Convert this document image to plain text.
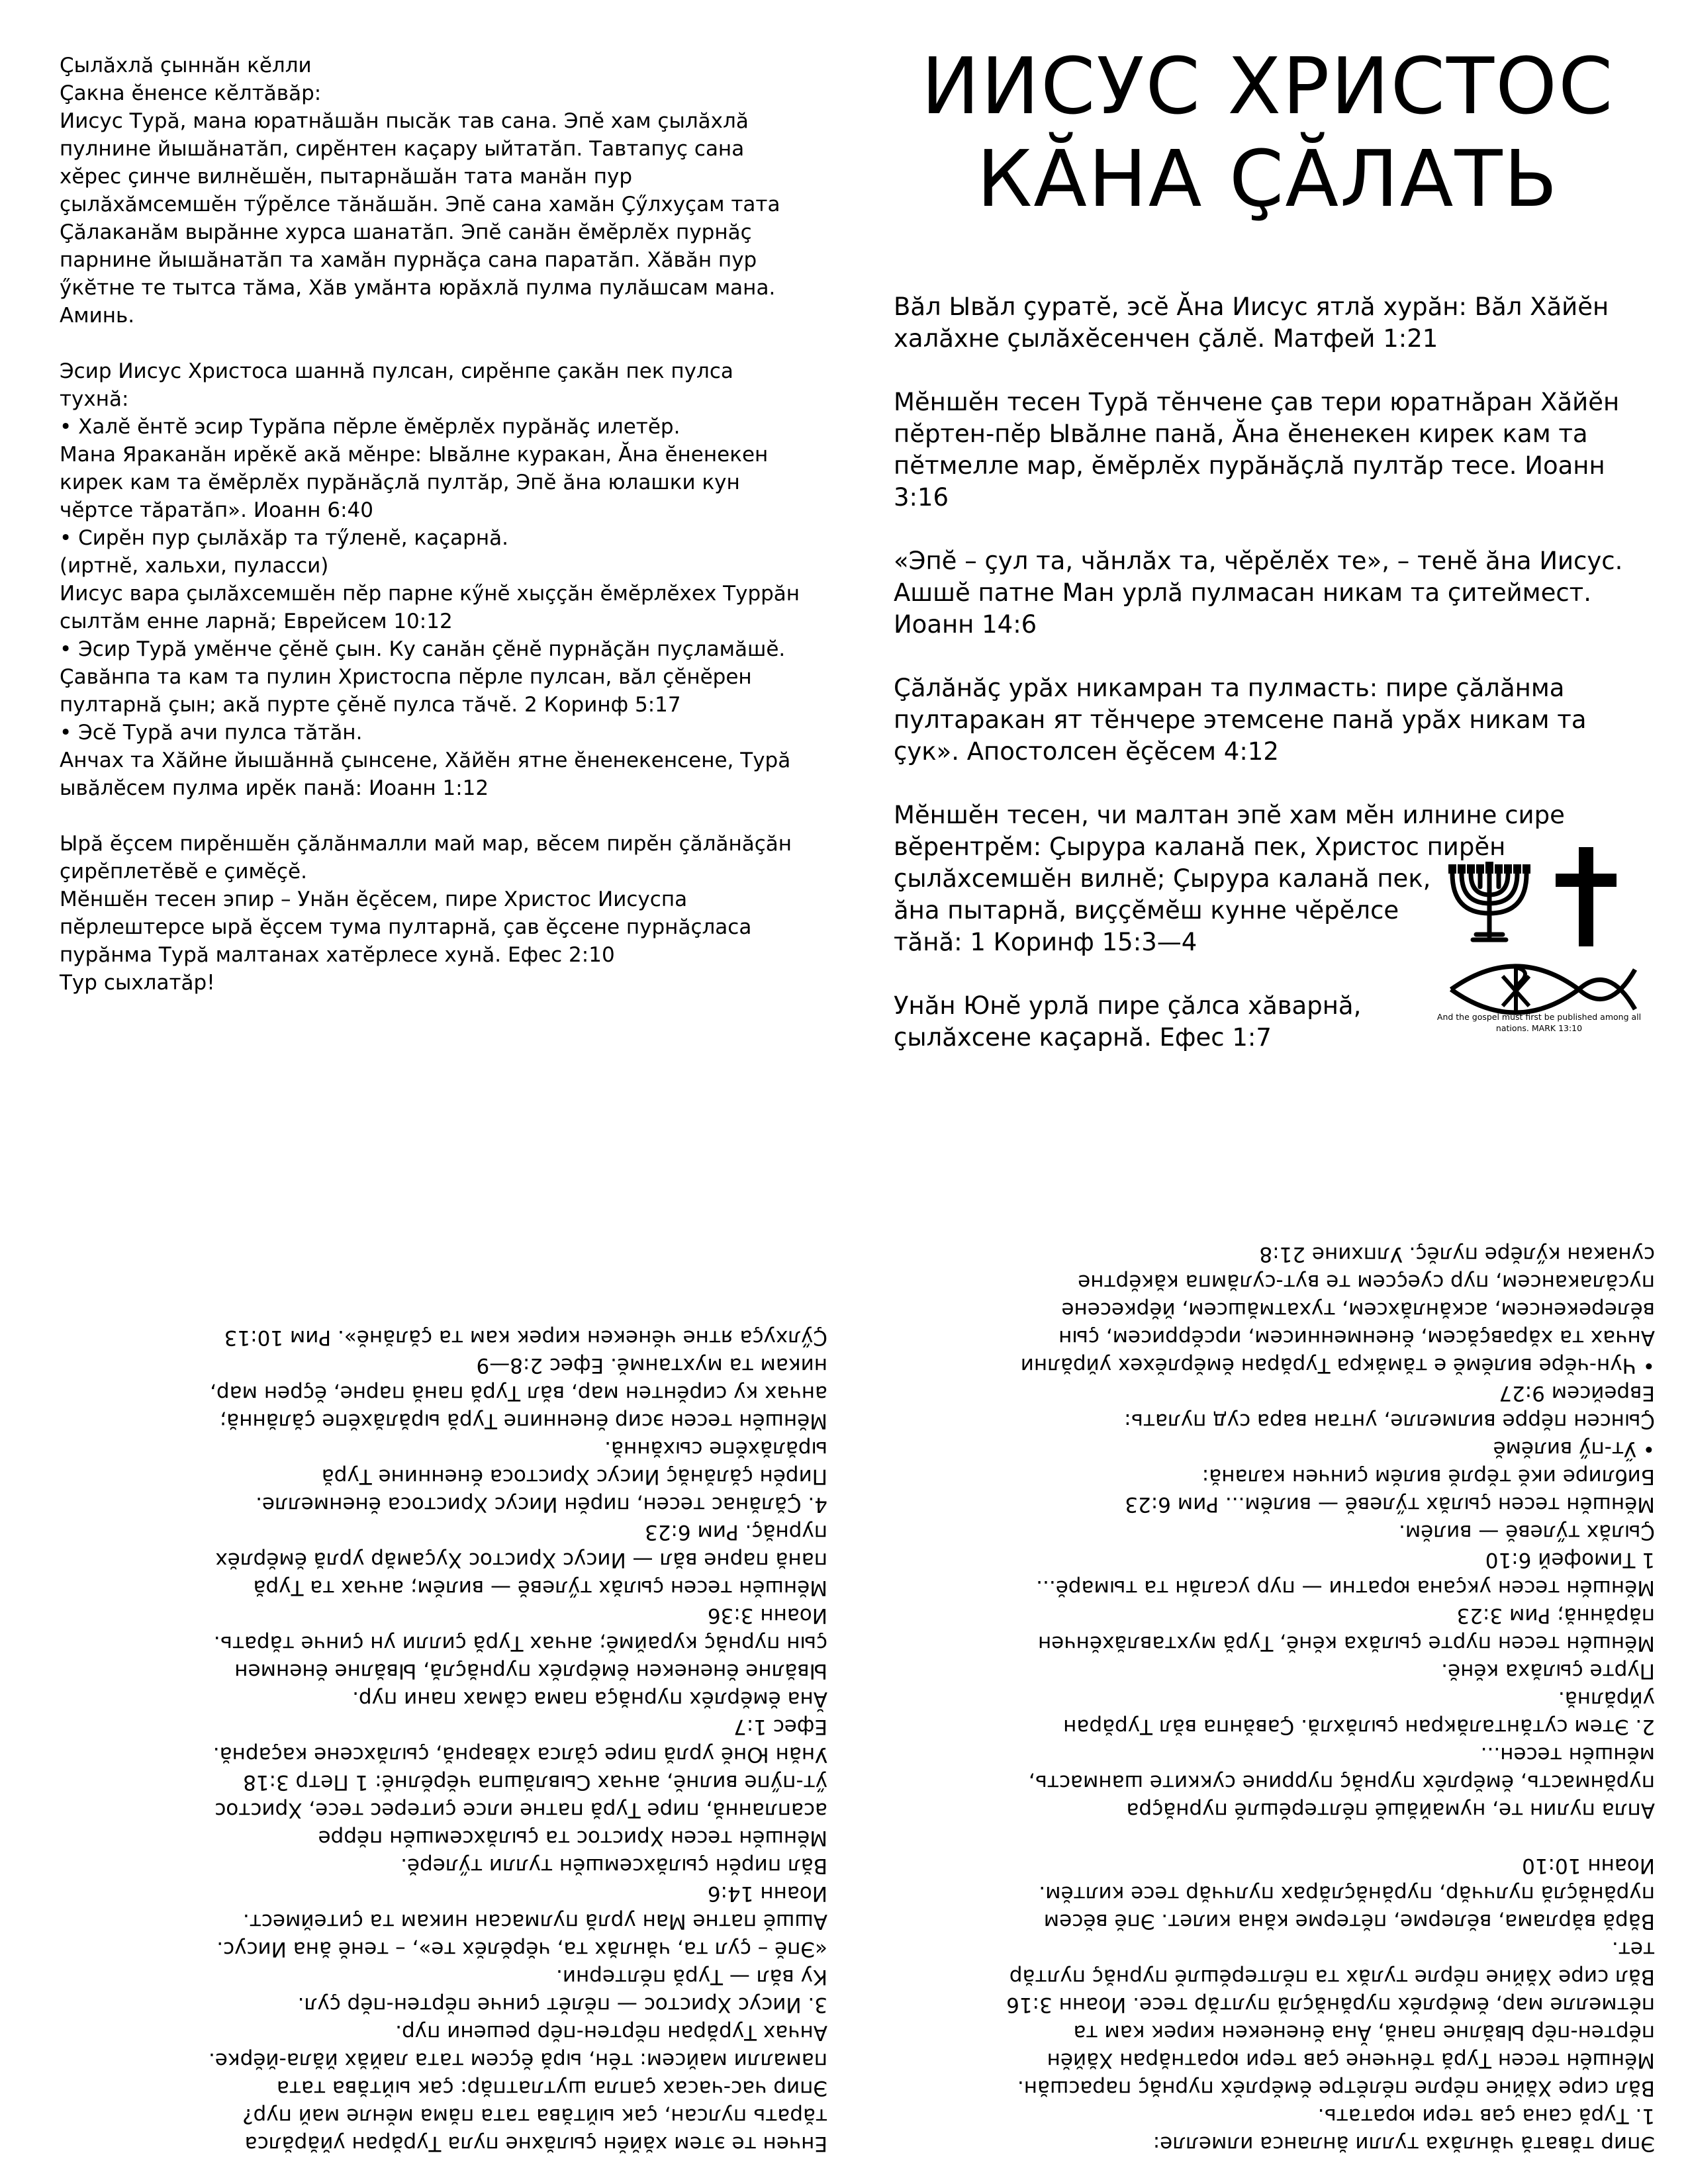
Çылăхлă çыннăн кĕлли
Çакна ĕненсе кĕлтăвăр:
Иисус Турă, мана юратнăшăн пысăк тав сана. Эпĕ хам çылăхлă пулнине йышăнатăп, сирĕнтен каçару ыйтатăп. Тавтапуç сана хĕрес çинче вилнĕшĕн, пытарнăшăн тата манăн пур çылăхăмсемшĕн тӳрĕлсе тăнăшăн. Эпĕ сана хамăн Çӳлхуçам тата Çăлаканăм вырăнне хурса шанатăп. Эпĕ санăн ĕмĕрлĕх пурнăç парнине йышăнатăп та хамăн пурнăçа сана паратăп. Хăвăн пур ӳкĕтне те тытса тăма, Хăв умăнта юрăхлă пулма пулăшсам мана. Аминь.

Эсир Иисус Христоса шаннă пулсан, сирĕнпе çакăн пек пулса тухнă:
• Халĕ ĕнтĕ эсир Турăпа пĕрле ĕмĕрлĕх пурăнăç илетĕр.
Мана Яраканăн ирĕкĕ акă мĕнре: Ывăлне куракан, Ăна ĕненекен кирек кам та ĕмĕрлĕх пурăнăçлă пултăр, Эпĕ ăна юлашки кун чĕртсе тăратăп». Иоанн 6:40
• Сирĕн пур çылăхăр та тӳленĕ, каçарнă.
(иртнĕ, хальхи, пуласси)
Иисус вара çылăхсемшĕн пĕр парне кӳнĕ хыççăн ĕмĕрлĕхех Туррăн сылтăм енне ларнă; Еврейсем 10:12
• Эсир Турă умĕнче çĕнĕ çын. Ку санăн çĕнĕ пурнăçăн пуçламăшĕ.
Çавăнпа та кам та пулин Христоспа пĕрле пулсан, вăл çĕнĕрен пултарнă çын; акă пурте çĕнĕ пулса тăчĕ. 2 Коринф 5:17
• Эсĕ Турă ачи пулса тăтăн.
Анчах та Хăйне йышăннă çынсене, Хăйĕн ятне ĕненекенсене, Турă ывăлĕсем пулма ирĕк панă: Иоанн 1:12

Ырă ĕçсем пирĕншĕн çăлăнмалли май мар, вĕсем пирĕн çăлăнăçăн çирĕплетĕвĕ е çимĕçĕ.
Мĕншĕн тесен эпир – Унăн ĕçĕсем, пире Христос Иисуспа пĕрлештерсе ырă ĕçсем тума пултарнă, çав ĕçсене пурнăçласа пурăнма Турă малтанах хатĕрлесе хунă. Ефес 2:10
Тур сыхлатăр!

ИИСУС ХРИСТОС
КĂНА ÇĂЛАТЬ

Вăл Ывăл çуратĕ, эсĕ Ăна Иисус ятлă хурăн: Вăл Хăйĕн халăхне çылăхĕсенчен çăлĕ. Матфей 1:21

Мĕншĕн тесен Турă тĕнчене çав тери юратнăран Хăйĕн пĕртен-пĕр Ывăлне панă, Ăна ĕненекен кирек кам та пĕтмелле мар, ĕмĕрлĕх пурăнăçлă пултăр тесе. Иоанн 3:16

«Эпĕ – çул та, чăнлăх та, чĕрĕлĕх те», – тенĕ ăна Иисус. Ашшĕ патне Ман урлă пулмасан никам та çитеймест. Иоанн 14:6

Çăлăнăç урăх никамран та пулмасть: пире çăлăнма пултаракан ят тĕнчере этемсене панă урăх никам та çук». Апостолсен ĕçĕсем 4:12

Мĕншĕн тесен, чи малтан эпĕ хам мĕн илнине сире
вĕрентрĕм: Çырура каланă пек, Христос пирĕн
çылăхсемшĕн вилнĕ; Çырура каланă пек,
ăна пытарнă, виççĕмĕш кунне чĕрĕлсе
тăнă: 1 Коринф 15:3—4

Унăн Юнĕ урлă пире çăлса хăварнă, çылăхсене каçарнă. Ефес 1:7

And the gospel must first be published among all nations. MARK 13:10
Енчен те этем хăйĕн çылăхне пула Турăран уйăрăлса
тăрать пулсан, çак ыйтăва тата пăма мĕнле май пур?
Эпир час-часах çапла шутлатпăр: çак ыйтăва тата
памалли майсем: тĕн, ырă ĕçсем тата лайăх йăла-йĕрке.
Анчах Турăран пĕртен-пĕр решени пур.
3. Иисус Христос — пĕлĕт çинче пĕртен-пĕр çул.
Ку вăл — Турă пĕлтерни.
«Эпĕ – çул та, чăнлăх та, чĕрĕлĕх те», – тенĕ ăна Иисус.
Ашшĕ патне Ман урлă пулмасан никам та çитеймест.
Иоанн 14:6
Вăл пирĕн çылăхсемшĕн тулли тӳлерĕ.
Мĕншĕн тесен Христос та çылăхсемшĕн пĕрре
асапланнă, пире Турă патне илсе çитерес тесе, Христос
ӳт-пӳпе вилнĕ, анчах Сывлăшпа чĕрĕлнĕ: 1 Петр 3:18
Унăн Юнĕ урлă пире çăлса хăварнă, çылăхсене каçарнă.
Ефес 1:7
Ăна ĕмĕрлĕх пурнăçа пама сăмах пани пур.
Ывăлне ĕненекен ĕмĕрлĕх пурнăçлă, Ывăлне ĕненмен
çын пурнăç кураймĕ; анчах Турă çилли ун çинче тăрать.
Иоанн 3:36
Мĕншĕн тесен çылăх тӳлевĕ — вилĕм; анчах та Турă
панă парне вăл — Иисус Христос Хуçамăр урлă ĕмĕрлĕх
пурнăç. Рим 6:23
4. Çăлăнас тесен, пирĕн Иисус Христоса ĕненмелле.
Пирĕн çăлăнăç Иисус Христоса ĕненнине Турă
ырăлăхĕпе сыхăннă.
Мĕншĕн тесен эсир ĕненнипе Турă ырăлăхĕпе çăлăннă;
анчах ку сирĕнтен мар, вăл Турă панă парне, ĕçрен мар,
никам та мухтанмĕ. Ефес 2:8—9
Çӳлхуçа ятне чĕнекен кирек кам та çăлăнĕ». Рим 10:13
Эпир тăватă чăнлăха тулли ăнланса илмелле:
1. Турă сана çав тери юратать.
Вăл сире Хăйне пĕрле пĕлĕтре ĕмĕрлĕх пурнăç парасшăн.
Мĕншĕн тесен Турă тĕнчене çав тери юратнăран Хăйĕн
пĕртен-пĕр Ывăлне панă, Ăна ĕненекен кирек кам та
пĕтмелле мар, ĕмĕрлĕх пурăнăçлă пултăр тесе. Иоанн 3:16
Вăл сире Хăйне пĕрле тулăх та пĕлтерĕшлĕ пурнăç пултăр
тет.
Вăрă вăрлама, вĕлерме, пĕтерме кăна килет. Эпĕ вĕсем
пурăнăçлă пулччăр, пурăнăçлăрах пулччăр тесе килтĕм.
Иоанн 10:10

Апла пулин те, нумайăшĕ пĕлтерĕшлĕ пурнăçра
пурăнмасть, ĕмĕрлĕх пурнăç пуррине сукките шанмасть,
мĕншĕн тесен...
2. Этем сутăнталăкран çылăхлă. Çавăнпа вăл Турăран
уйрăлнă.
Пурте çылăха кĕнĕ.
Мĕншĕн тесен пурте çылăха кĕнĕ, Турă мухтавлăхĕнчен
пăрăннă; Рим 3:23
Мĕншĕн тесен укçана юратни — пур усалăн та тымарĕ...
1 Тимофей 6:10
Çылăх тӳлевĕ — вилĕм.
Мĕншĕн тесен çылăх тӳлевĕ — вилĕм... Рим 6:23
Библире икĕ тĕрлĕ вилĕм çинчен каланă:
• Ӳт-пӳ вилĕмĕ
Çынсен пĕрре вилмелле, унтан вара суд пулать:
Еврейсем 9:27
• Чун-чĕре вилĕмĕ е тăмăкра Турăран ĕмĕрлĕхех уйрăлни
Анчах та хăравçăсем, ĕненменнисем, ирсĕррисем, çын
вĕлерекенсем, аскăнлăхсем, тухатмăшсем, йĕркесене
пусăлакансем, пур суеçсем те вут-сулăмпа кăкĕртне
сунакан кӳлĕре пулĕç. Улпхине 21:8
